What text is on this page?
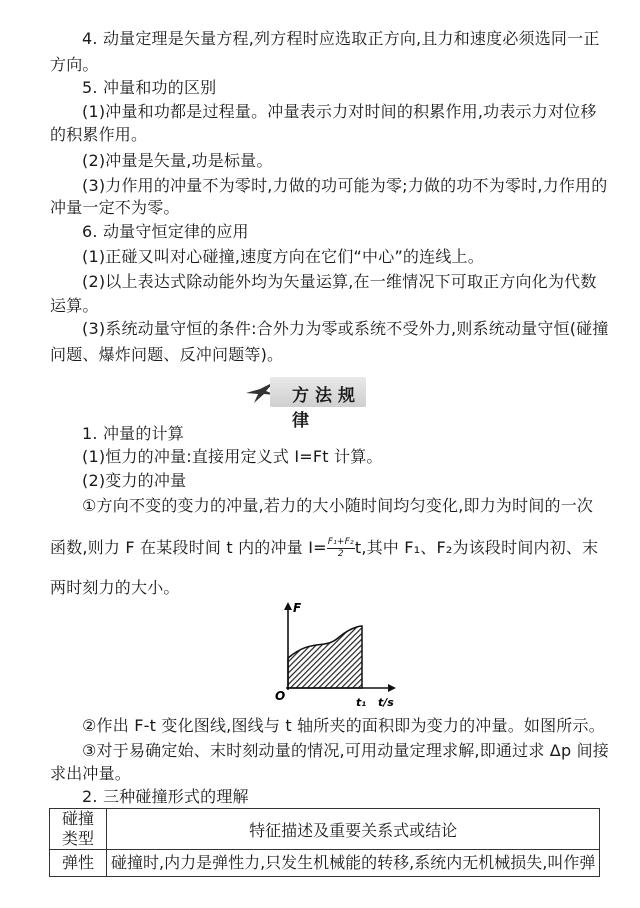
4. 动量定理是矢量方程,列方程时应选取正方向,且力和速度必须选同一正
方向。
5. 冲量和功的区别
(1)冲量和功都是过程量。冲量表示力对时间的积累作用,功表示力对位移
的积累作用。
(2)冲量是矢量,功是标量。
(3)力作用的冲量不为零时,力做的功可能为零;力做的功不为零时,力作用的
冲量一定不为零。
6. 动量守恒定律的应用
(1)正碰又叫对心碰撞,速度方向在它们“中心”的连线上。
(2)以上表达式除动能外均为矢量运算,在一维情况下可取正方向化为代数
运算。
(3)系统动量守恒的条件:合外力为零或系统不受外力,则系统动量守恒(碰撞
问题、爆炸问题、反冲问题等)。
方法规律
1. 冲量的计算
(1)恒力的冲量:直接用定义式 I=Ft 计算。
(2)变力的冲量
①方向不变的变力的冲量,若力的大小随时间均匀变化,即力为时间的一次
函数,则力 F 在某段时间 t 内的冲量 $I= \frac{\text{F₁+F₂}}{2} t$,其中 F₁、F₂为该段时间内初、末
两时刻力的大小。
F
O	t₁ t/s
②作出 F-t 变化图线,图线与 t 轴所夹的面积即为变力的冲量。如图所示。
③对于易确定始、末时刻动量的情况,可用动量定理求解,即通过求 Δp 间接
求出冲量。
2. 三种碰撞形式的理解
碰撞
类型	特征描述及重要关系式或结论
弹性	碰撞时,内力是弹性力,只发生机械能的转移,系统内无机械损失,叫作弹
